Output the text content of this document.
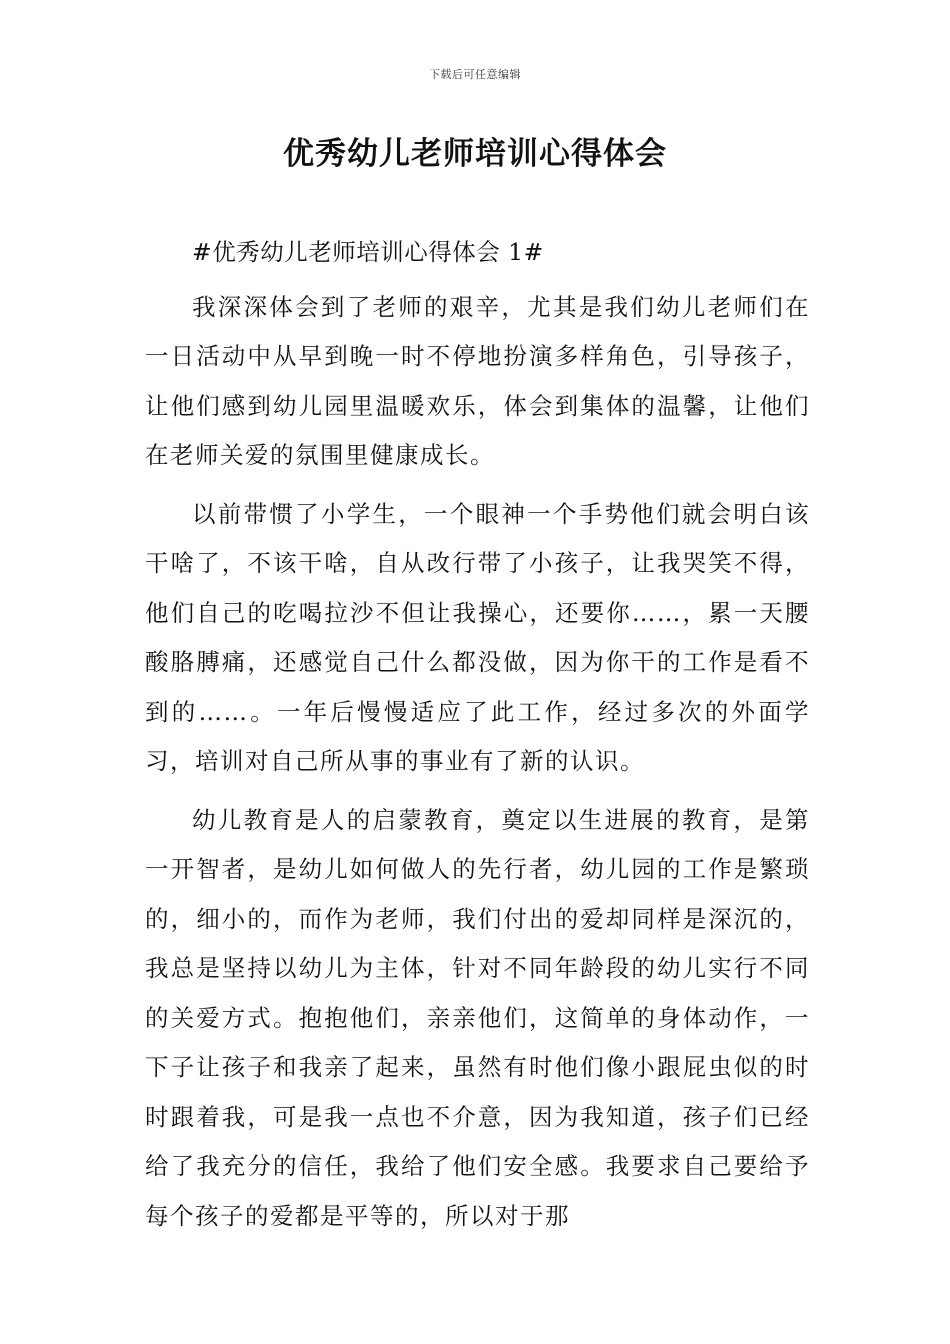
下载后可任意编辑
优秀幼儿老师培训心得体会

#优秀幼儿老师培训心得体会 1#

我深深体会到了老师的艰辛，尤其是我们幼儿老师们在一日活动中从早到晚一时不停地扮演多样角色，引导孩子，让他们感到幼儿园里温暖欢乐，体会到集体的温馨，让他们在老师关爱的氛围里健康成长。

以前带惯了小学生，一个眼神一个手势他们就会明白该干啥了，不该干啥，自从改行带了小孩子，让我哭笑不得，他们自己的吃喝拉沙不但让我操心，还要你……，累一天腰酸胳膊痛，还感觉自己什么都没做，因为你干的工作是看不到的……。一年后慢慢适应了此工作，经过多次的外面学习，培训对自己所从事的事业有了新的认识。

幼儿教育是人的启蒙教育，奠定以生进展的教育，是第一开智者，是幼儿如何做人的先行者，幼儿园的工作是繁琐的，细小的，而作为老师，我们付出的爱却同样是深沉的，我总是坚持以幼儿为主体，针对不同年龄段的幼儿实行不同的关爱方式。抱抱他们，亲亲他们，这简单的身体动作，一下子让孩子和我亲了起来，虽然有时他们像小跟屁虫似的时时跟着我，可是我一点也不介意，因为我知道，孩子们已经给了我充分的信任，我给了他们安全感。我要求自己要给予每个孩子的爱都是平等的，所以对于那
